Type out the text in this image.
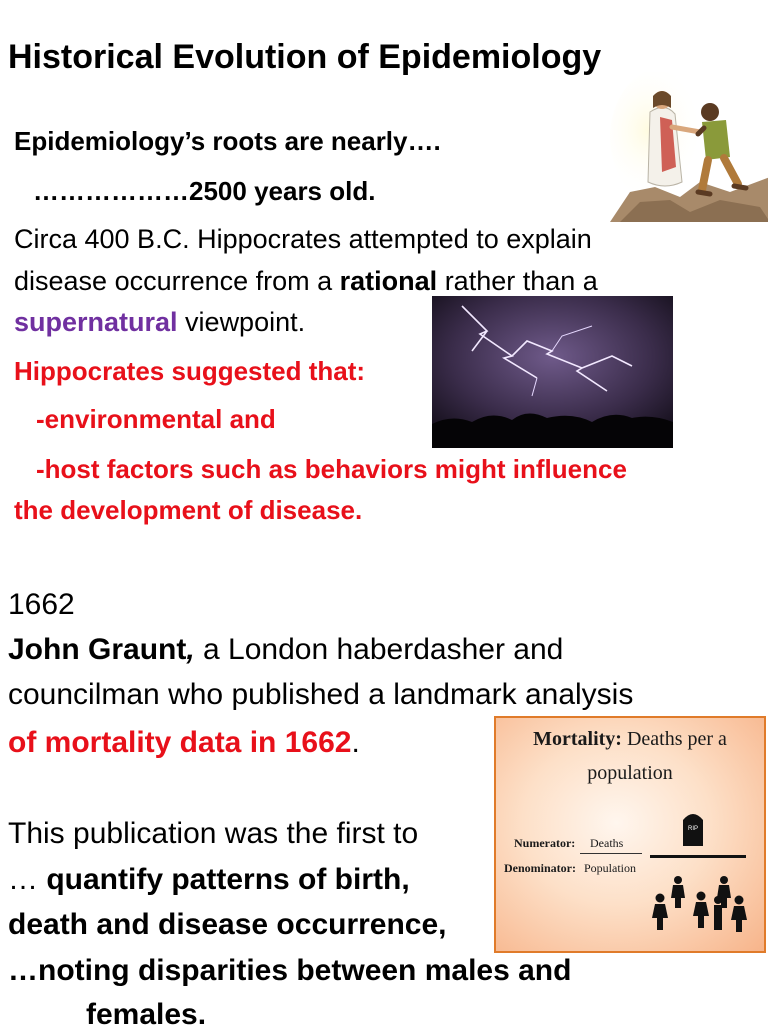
Historical Evolution of Epidemiology
Epidemiology’s roots are nearly….
………………2500 years old.
Circa 400 B.C. Hippocrates attempted to explain
disease occurrence from a rational rather than a
supernatural viewpoint.
Hippocrates suggested that:
-environmental and
-host factors such as behaviors might influence
the development of disease.
1662
John Graunt, a London haberdasher and
councilman who published a landmark analysis
of mortality data in 1662.
This publication was the first to
… quantify patterns of birth,
death and disease occurrence,
…noting disparities between males and
females.
Mortality: Deaths per a
population
Numerator: Deaths
Denominator: Population
RIP
